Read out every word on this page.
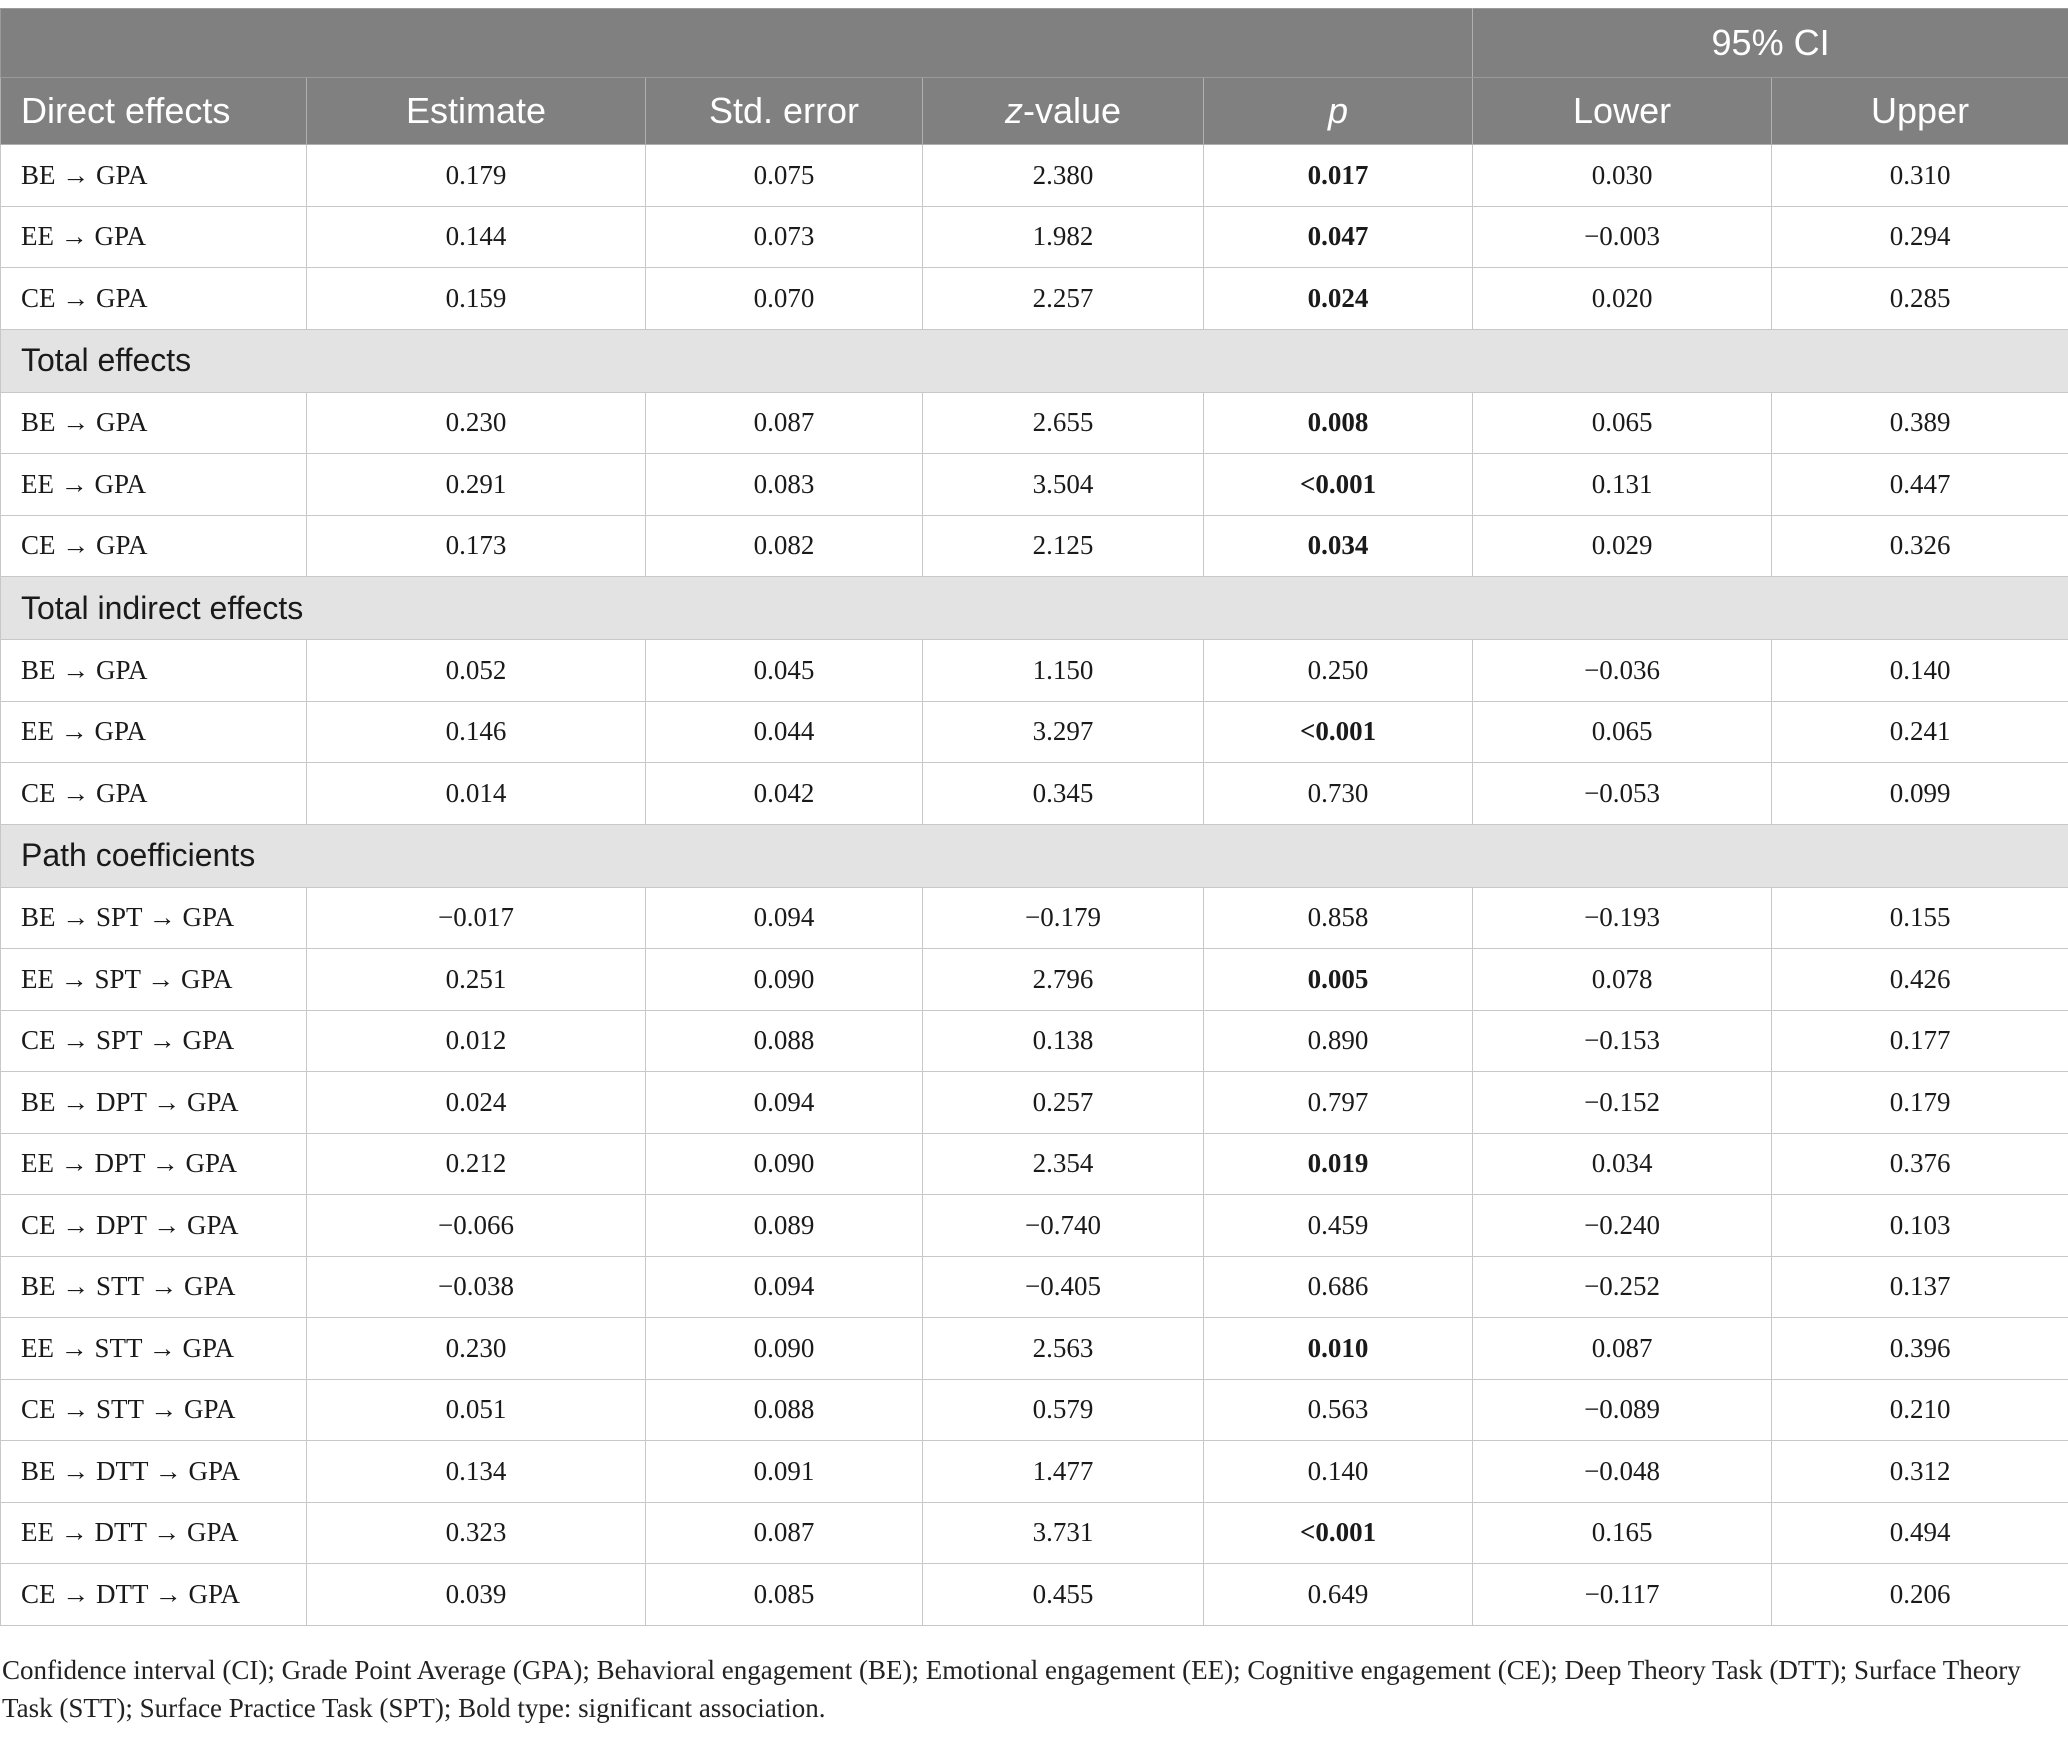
					95% CI	
Direct effects	Estimate	Std. error	z-value	p	Lower	Upper
BE → GPA	0.179	0.075	2.380	0.017	0.030	0.310
EE → GPA	0.144	0.073	1.982	0.047	−0.003	0.294
CE → GPA	0.159	0.070	2.257	0.024	0.020	0.285
Total effects						
BE → GPA	0.230	0.087	2.655	0.008	0.065	0.389
EE → GPA	0.291	0.083	3.504	<0.001	0.131	0.447
CE → GPA	0.173	0.082	2.125	0.034	0.029	0.326
Total indirect effects						
BE → GPA	0.052	0.045	1.150	0.250	−0.036	0.140
EE → GPA	0.146	0.044	3.297	<0.001	0.065	0.241
CE → GPA	0.014	0.042	0.345	0.730	−0.053	0.099
Path coefficients						
BE → SPT → GPA	−0.017	0.094	−0.179	0.858	−0.193	0.155
EE → SPT → GPA	0.251	0.090	2.796	0.005	0.078	0.426
CE → SPT → GPA	0.012	0.088	0.138	0.890	−0.153	0.177
BE → DPT → GPA	0.024	0.094	0.257	0.797	−0.152	0.179
EE → DPT → GPA	0.212	0.090	2.354	0.019	0.034	0.376
CE → DPT → GPA	−0.066	0.089	−0.740	0.459	−0.240	0.103
BE → STT → GPA	−0.038	0.094	−0.405	0.686	−0.252	0.137
EE → STT → GPA	0.230	0.090	2.563	0.010	0.087	0.396
CE → STT → GPA	0.051	0.088	0.579	0.563	−0.089	0.210
BE → DTT → GPA	0.134	0.091	1.477	0.140	−0.048	0.312
EE → DTT → GPA	0.323	0.087	3.731	<0.001	0.165	0.494
CE → DTT → GPA	0.039	0.085	0.455	0.649	−0.117	0.206
Confidence interval (CI); Grade Point Average (GPA); Behavioral engagement (BE); Emotional engagement (EE); Cognitive engagement (CE); Deep Theory Task (DTT); Surface Theory Task (STT); Surface Practice Task (SPT); Bold type: significant association.
